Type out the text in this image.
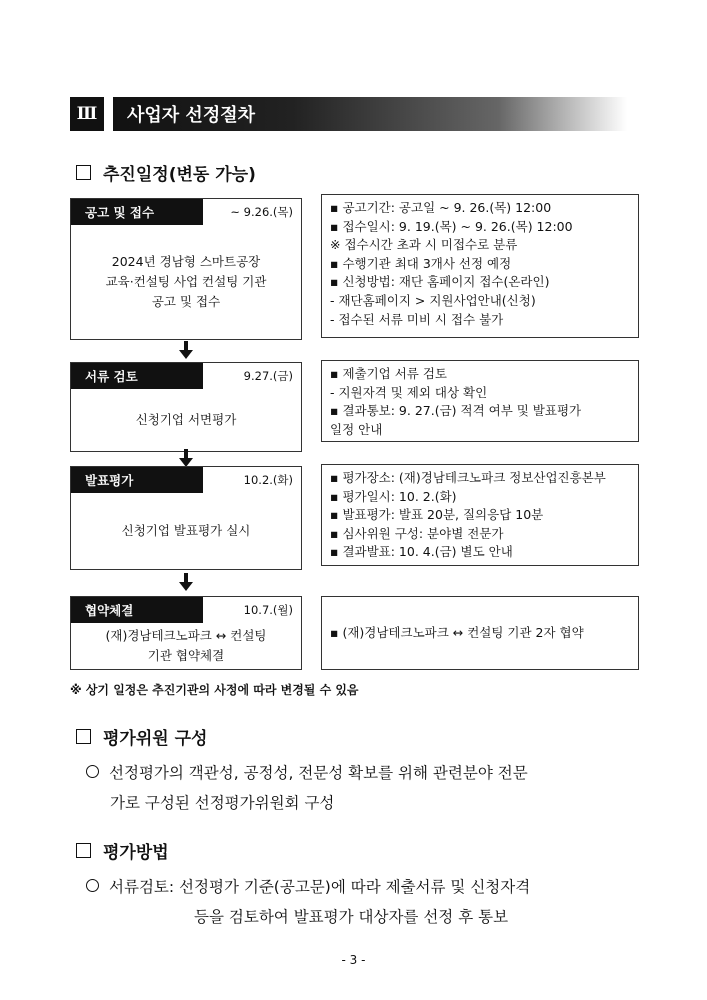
Ⅲ	사업자 선정절차
추진일정(변동 가능)
공고 및 접수	~ 9.26.(목)
2024년 경남형 스마트공장
교육·컨설팅 사업 컨설팅 기관
공고 및 접수
▪ 공고기간: 공고일 ~ 9. 26.(목) 12:00
▪ 접수일시: 9. 19.(목) ~ 9. 26.(목) 12:00
※ 접수시간 초과 시 미접수로 분류
▪ 수행기관 최대 3개사 선정 예정
▪ 신청방법: 재단 홈페이지 접수(온라인)
- 재단홈페이지 > 지원사업안내(신청)
- 접수된 서류 미비 시 접수 불가
서류 검토	9.27.(금)
신청기업 서면평가
▪ 제출기업 서류 검토
- 지원자격 및 제외 대상 확인
▪ 결과통보: 9. 27.(금) 적격 여부 및 발표평가
일정 안내
발표평가	10.2.(화)
신청기업 발표평가 실시
▪ 평가장소: (재)경남테크노파크 정보산업진흥본부
▪ 평가일시: 10. 2.(화)
▪ 발표평가: 발표 20분, 질의응답 10분
▪ 심사위원 구성: 분야별 전문가
▪ 결과발표: 10. 4.(금) 별도 안내
협약체결	10.7.(월)
(재)경남테크노파크 ↔ 컨설팅
기관 협약체결
▪ (재)경남테크노파크 ↔ 컨설팅 기관 2자 협약
※ 상기 일정은 추진기관의 사정에 따라 변경될 수 있음
평가위원 구성
선정평가의 객관성, 공정성, 전문성 확보를 위해 관련분야 전문
가로 구성된 선정평가위원회 구성
평가방법
서류검토: 선정평가 기준(공고문)에 따라 제출서류 및 신청자격
등을 검토하여 발표평가 대상자를 선정 후 통보
- 3 -
